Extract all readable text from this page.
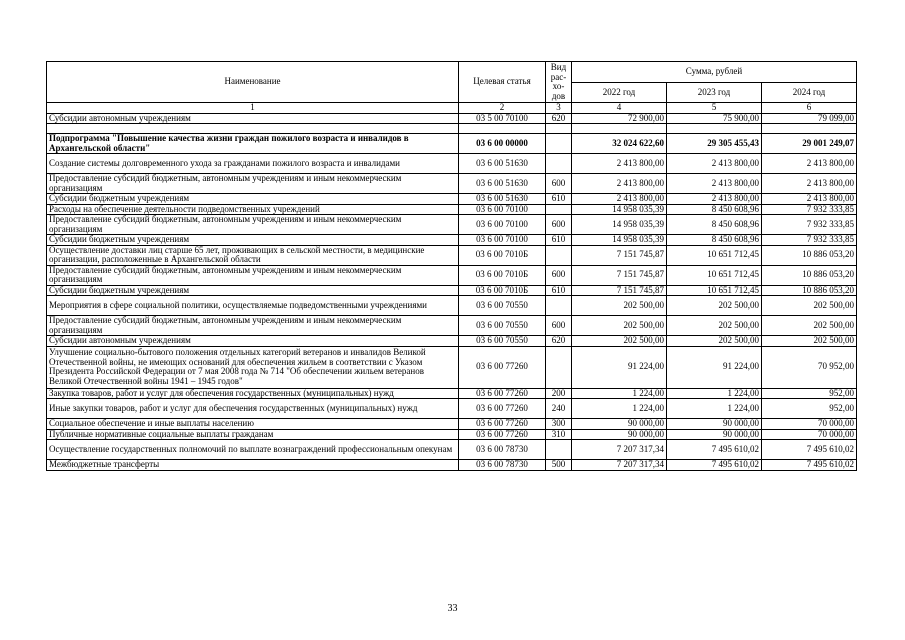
Наименование	Целевая статья	Вид рас-хо-дов	Сумма, рублей		
			2022 год	2023 год	2024 год
1	2	3	4	5	6
Субсидии автономным учреждениям	03 5 00 70100	620	72 900,00	75 900,00	79 099,00

Подпрограмма "Повышение качества жизни граждан пожилого возраста и инвалидов в Архангельской области"	03 6 00 00000		32 024 622,60	29 305 455,43	29 001 249,07
Создание системы долговременного ухода за гражданами пожилого возраста и инвалидами	03 6 00 51630		2 413 800,00	2 413 800,00	2 413 800,00
Предоставление субсидий бюджетным, автономным учреждениям и иным некоммерческим организациям	03 6 00 51630	600	2 413 800,00	2 413 800,00	2 413 800,00
Субсидии бюджетным учреждениям	03 6 00 51630	610	2 413 800,00	2 413 800,00	2 413 800,00
Расходы на обеспечение деятельности подведомственных учреждений	03 6 00 70100		14 958 035,39	8 450 608,96	7 932 333,85
Предоставление субсидий бюджетным, автономным учреждениям и иным некоммерческим организациям	03 6 00 70100	600	14 958 035,39	8 450 608,96	7 932 333,85
Субсидии бюджетным учреждениям	03 6 00 70100	610	14 958 035,39	8 450 608,96	7 932 333,85
Осуществление доставки лиц старше 65 лет, проживающих в сельской местности, в медицинские организации, расположенные в Архангельской области	03 6 00 7010Б		7 151 745,87	10 651 712,45	10 886 053,20
Предоставление субсидий бюджетным, автономным учреждениям и иным некоммерческим организациям	03 6 00 7010Б	600	7 151 745,87	10 651 712,45	10 886 053,20
Субсидии бюджетным учреждениям	03 6 00 7010Б	610	7 151 745,87	10 651 712,45	10 886 053,20
Мероприятия в сфере социальной политики, осуществляемые подведомственными учреждениями	03 6 00 70550		202 500,00	202 500,00	202 500,00
Предоставление субсидий бюджетным, автономным учреждениям и иным некоммерческим организациям	03 6 00 70550	600	202 500,00	202 500,00	202 500,00
Субсидии автономным учреждениям	03 6 00 70550	620	202 500,00	202 500,00	202 500,00
Улучшение социально-бытового положения отдельных категорий ветеранов и инвалидов Великой Отечественной войны, не имеющих оснований для обеспечения жильем в соответствии с Указом Президента Российской Федерации от 7 мая 2008 года № 714 "Об обеспечении жильем ветеранов Великой Отечественной войны 1941 – 1945 годов"	03 6 00 77260		91 224,00	91 224,00	70 952,00
Закупка товаров, работ и услуг для обеспечения государственных (муниципальных) нужд	03 6 00 77260	200	1 224,00	1 224,00	952,00
Иные закупки товаров, работ и услуг для обеспечения государственных (муниципальных) нужд	03 6 00 77260	240	1 224,00	1 224,00	952,00
Социальное обеспечение и иные выплаты населению	03 6 00 77260	300	90 000,00	90 000,00	70 000,00
Публичные нормативные социальные выплаты гражданам	03 6 00 77260	310	90 000,00	90 000,00	70 000,00
Осуществление государственных полномочий по выплате вознаграждений профессиональным опекунам	03 6 00 78730		7 207 317,34	7 495 610,02	7 495 610,02
Межбюджетные трансферты	03 6 00 78730	500	7 207 317,34	7 495 610,02	7 495 610,02
33
